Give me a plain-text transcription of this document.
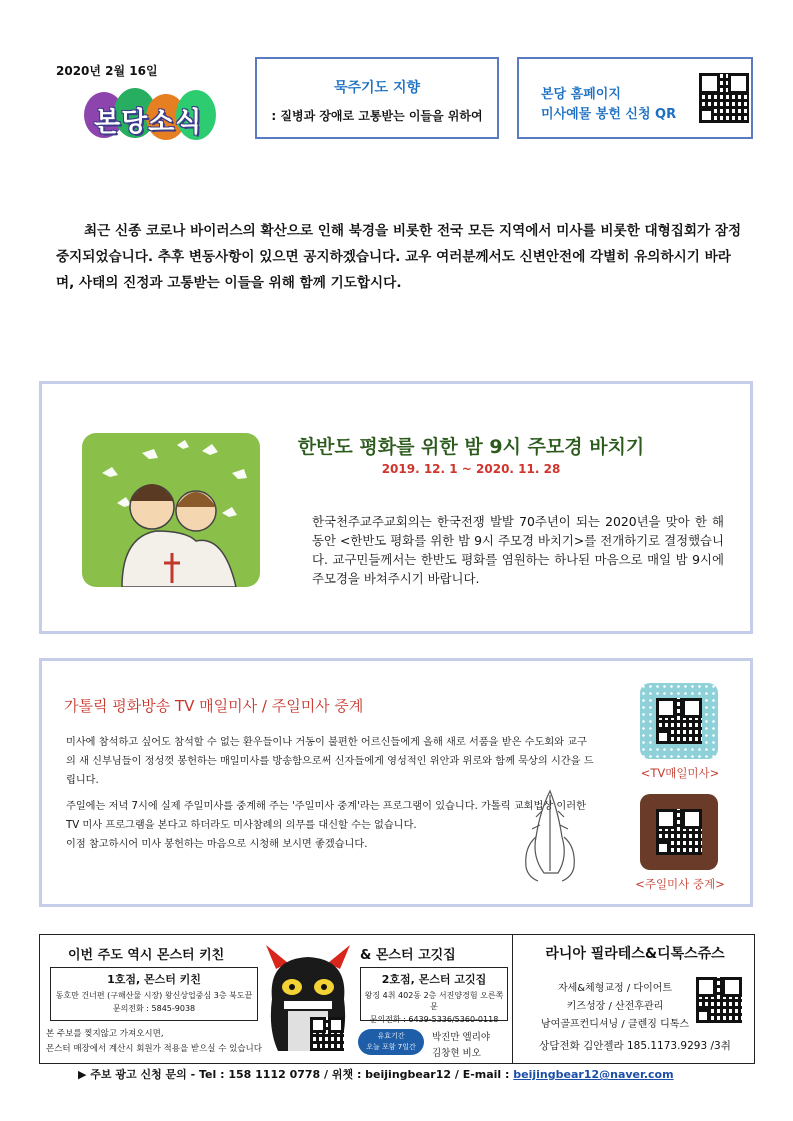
2020년 2월 16일
본당소식
묵주기도 지향
: 질병과 장애로 고통받는 이들을 위하여
본당 홈페이지
미사예물 봉헌 신청 QR
최근 신종 코로나 바이러스의 확산으로 인해 북경을 비롯한 전국 모든 지역에서 미사를 비롯한 대형집회가 잠정 중지되었습니다. 추후 변동사항이 있으면 공지하겠습니다. 교우 여러분께서도 신변안전에 각별히 유의하시기 바라며, 사태의 진정과 고통받는 이들을 위해 함께 기도합시다.
한반도 평화를 위한 밤 9시 주모경 바치기
2019. 12. 1 ~ 2020. 11. 28
한국천주교주교회의는 한국전쟁 발발 70주년이 되는 2020년을 맞아 한 해 동안 <한반도 평화를 위한 밤 9시 주모경 바치기>를 전개하기로 결정했습니다. 교구민들께서는 한반도 평화를 염원하는 하나된 마음으로 매일 밤 9시에 주모경을 바쳐주시기 바랍니다.
가톨릭 평화방송 TV 매일미사 / 주일미사 중계
미사에 참석하고 싶어도 참석할 수 없는 환우들이나 거동이 불편한 어르신들에게 올해 새로 서품을 받은 수도회와 교구의 새 신부님들이 정성껏 봉헌하는 매일미사를 방송함으로써 신자들에게 영성적인 위안과 위로와 함께 묵상의 시간을 드립니다.
주일에는 저녁 7시에 실제 주일미사를 중계해 주는 '주일미사 중계'라는 프로그램이 있습니다. 가톨릭 교회법상 이러한 TV 미사 프로그램을 본다고 하더라도 미사참례의 의무를 대신할 수는 없습니다.
이점 참고하시어 미사 봉헌하는 마음으로 시청해 보시면 좋겠습니다.
<TV매일미사>
<주일미사 중계>
이번 주도 역시 몬스터 키친	& 몬스터 고깃집
1호점, 몬스터 키친
동호만 건너편 (구해산물 시장) 왕신상업중심 3층 북도끝
문의전화 : 5845-9038
2호점, 몬스터 고깃집
왕징 4취 402동 2층 서진양경험 오른쪽문
문의전화 : 6439-5336/5360-0118
본 주보를 찢지않고 가져오시면,
몬스터 매장에서 계산시 회원가 적용을 받으실 수 있습니다
유효기간
오늘 포함 7일간
박진만 엘리야
김창현 비오
라니아 필라테스&디톡스쥬스
자세&체형교정 / 다이어트
키즈성장 / 산전후관리
남여골프컨디셔닝 / 클렌징 디톡스
상담전화 김안젤라 185.1173.9293 /3취
▶ 주보 광고 신청 문의 - Tel : 158 1112 0778 / 위챗 : beijingbear12 / E-mail : beijingbear12@naver.com
